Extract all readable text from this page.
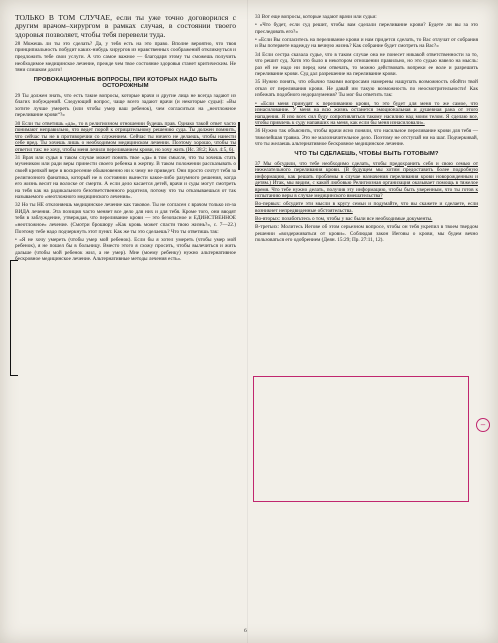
ТОЛЬКО В ТОМ СЛУЧАЕ, если ты уже точно договорился с другим врачом–хирургом в рамках случая, в состоянии твоего здоровья позволяет, чтобы тебя перевели туда.

28 Можешь ли ты это сделать? Да, у тебя есть на это право. Вполне вероятно, что твоя принципиальность побудит каких-нибудь хирургов из нравственных соображений откликнуться и предложить тебе свои услуги. А что самое важное — благодаря этому ты сможешь получить необходимое медицинское лечение, прежде чем твое состояние здоровья станет критическим. Не тяни слишком долго!

ПРОВОКАЦИОННЫЕ ВОПРОСЫ, ПРИ КОТОРЫХ НАДО БЫТЬ ОСТОРОЖНЫМ

29 Ты должен знать, что есть такие вопросы, которые врачи и другие лица не всегда задают из благих побуждений. Следующий вопрос, чаще всего задают врачи (и некоторые судьи): «Вы хотите лучше умереть (или чтобы умер ваш ребенок), чем согласиться на „неотложное переливание крови“?»

30 Если ты ответишь «да», то в религиозном отношении будешь прав. Однако такой ответ часто понимают неправильно, что ведет порой к отрицательному решению суда. Ты должен помнить, что сейчас ты не в противоречии со служением. Сейчас ты ничего не делаешь, чтобы нанести себе вред. Ты хочешь лишь о необходимом медицинском лечении. Поэтому хорошо, чтобы ты ответил так: не хочу, чтобы меня лечили переливанием крови, но хочу жить (Ис. 38:2; Кол. 4:5, 6).

31 Врач или судья в таком случае может понять твое «да» в том смысле, что ты хочешь стать мучеником или ради веры принести своего ребенка в жертву. В таком положении рассказывать о своей крепкой вере в воскресение обыкновенно ни к чему не приведет. Они просто сочтут тебя за религиозного фанатика, который не в состоянии вынести какое-либо разумного решения, когда его жизнь весит на волоске от смерти. А если дело касается детей, врачи и суды могут смотреть на тебя как на радикального безответственного родителя, потому что ты отказываешься от так называемого «неотложного медицинского лечения».

32 Но ты НЕ отклоняешь медицинское лечение как таковое. Ты не согласен с врачом только из-за ВИДА лечения. Эта позиция часто меняет все дело для них и для тебя. Кроме того, они вводят тебя в заблуждение, утверждая, что переливание крови — это безопасное и ЕДИНСТВЕННОЕ «неотложное» лечение. (Смотри брошюру «Как кровь может спасти твою жизнь?», с. 7—22.) Поэтому тебе надо подчеркнуть этот пункт. Как же ты это сделаешь? Что ты ответишь так:

• «Я не хочу умереть (чтобы умер мой ребенок). Если бы я хотел умереть (чтобы умер мой ребенок), я не пошел бы в больницу. Вместо этого я схожу просить, чтобы вылечиться и жить дальше (чтобы мой ребенок жил, а не умер). Мне (моему ребенку) нужно альтернативное бескровное медицинское лечение. Альтернативные методы лечения есть».

33 Вот еще вопросы, которые задают врачи или судьи:

• «Что будет, если суд решит, чтобы вам сделали переливание крови? Будете ли вы за это преследовать его?»

• «Если Вы согласитесь на переливание крови и нам придется сделать, то Вас отлучат от собрания и Вы потеряете надежду на вечную жизнь? Как собрание будет смотреть на Вас?»

34 Если сестра сказала судье, что в таком случае она не понесет никакой ответственности за то, что решит суд. Хотя это было в некотором отношении правильно, но это судью навело на мысль: раз ей не надо ни перед кем отвечать, то можно действовать вопреки ее воле и разрешить переливание крови. Суд дал разрешение на переливание крови.

35 Нужно понять, что обычно такими вопросами намерены нащупать возможность обойти твой отказ от переливания крови. Не давай им такую возможность по неосмотрительности! Как избежать подобного недоразумения? Ты мог бы ответить так:

• «Если меня принудят к переливанию крови, то это будет для меня то же самое, что изнасилование. У меня на всю жизнь останется эмоциональная и душевная рана от этого нападения. Я изо всех сил буду сопротивляться такому насилию над моим телом. Я сделаю все, чтобы привлечь к суду напавших на меня, как если бы меня изнасиловали».

36 Нужно так объяснить, чтобы врачи ясно поняли, что насильное переливание крови для тебя — тяжелейшая травма. Это не малозначительное дело. Поэтому не отступай ни на шаг. Подчеркивай, что ты желаешь альтернативное бескровное медицинское лечение.

ЧТО ТЫ СДЕЛАЕШЬ, ЧТОБЫ БЫТЬ ГОТОВЫМ?

37 Мы обсудили, что тебе необходимо сделать, чтобы предохранить себя и свою семью от нежелательного переливания крови. (В будущем мы хотим предоставить более подробную информацию, как решать проблемы в случае назначения переливания крови новорожденным и детям.) Итак, мы видим, с какой любовью Религиозная организация оказывает помощь в тяжелое время. Что тебе нужно делать, получив эту информацию, чтобы быть уверенным, что ты готов к испытанию веры в случае медицинского вмешательства?

Во-первых: обсудите эти мысли в кругу семьи и подумайте, что вы скажете и сделаете, если возникнет непредвиденные обстоятельства.

Во-вторых: позаботьтесь о том, чтобы у вас были все необходимые документы.

В-третьих: Молитесь Иегове об этом серьезном вопросе, чтобы он тебя укрепил в твоем твердом решении «воздерживаться от крови». Соблюдая закон Иеговы о крови, мы будем вечно пользоваться его одобрением (Деян. 15:29; Пр. 27:11, 12).

–
6
